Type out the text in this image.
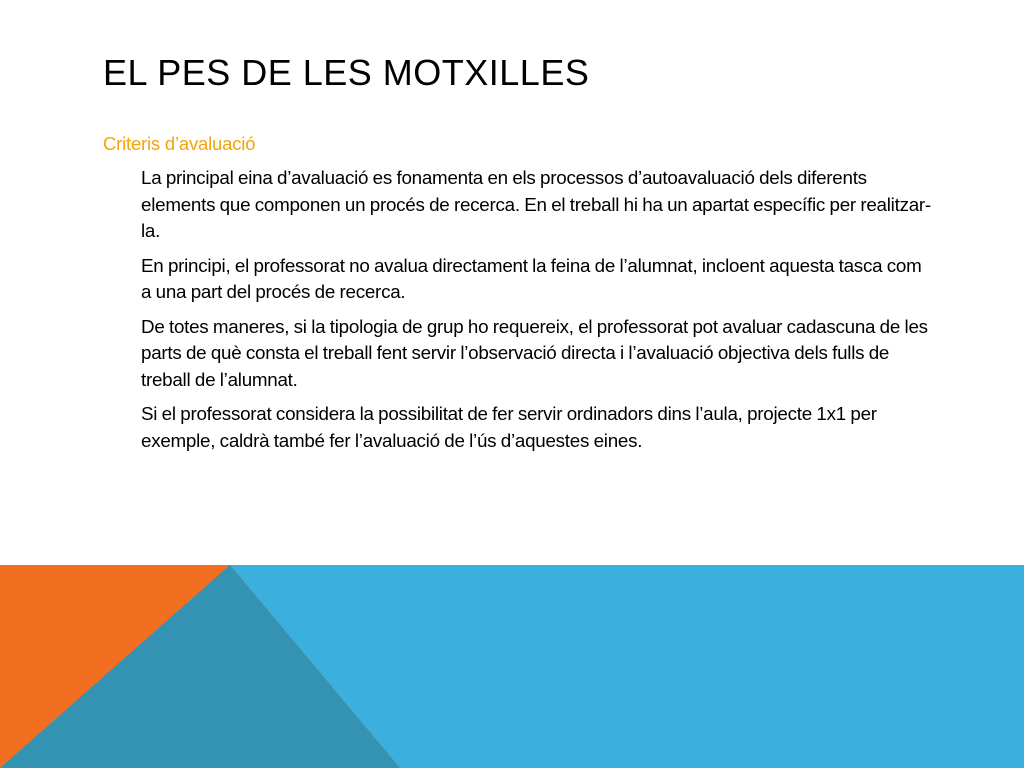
EL PES DE LES MOTXILLES
Criteris d’avaluació

La principal eina d’avaluació es fonamenta en els processos d’autoavaluació dels diferents elements que componen un procés de recerca. En el treball hi ha un apartat específic per realitzar-la.

En principi, el professorat no avalua directament la feina de l’alumnat, incloent aquesta tasca com a una part del procés de recerca.

De totes maneres, si la tipologia de grup ho requereix, el professorat pot avaluar cadascuna de les parts de què consta el treball fent servir l’observació directa i l’avaluació objectiva dels fulls de treball de l’alumnat.

Si el professorat considera la possibilitat de fer servir ordinadors dins l’aula, projecte 1x1 per exemple, caldrà també fer l’avaluació de l’ús d’aquestes eines.
